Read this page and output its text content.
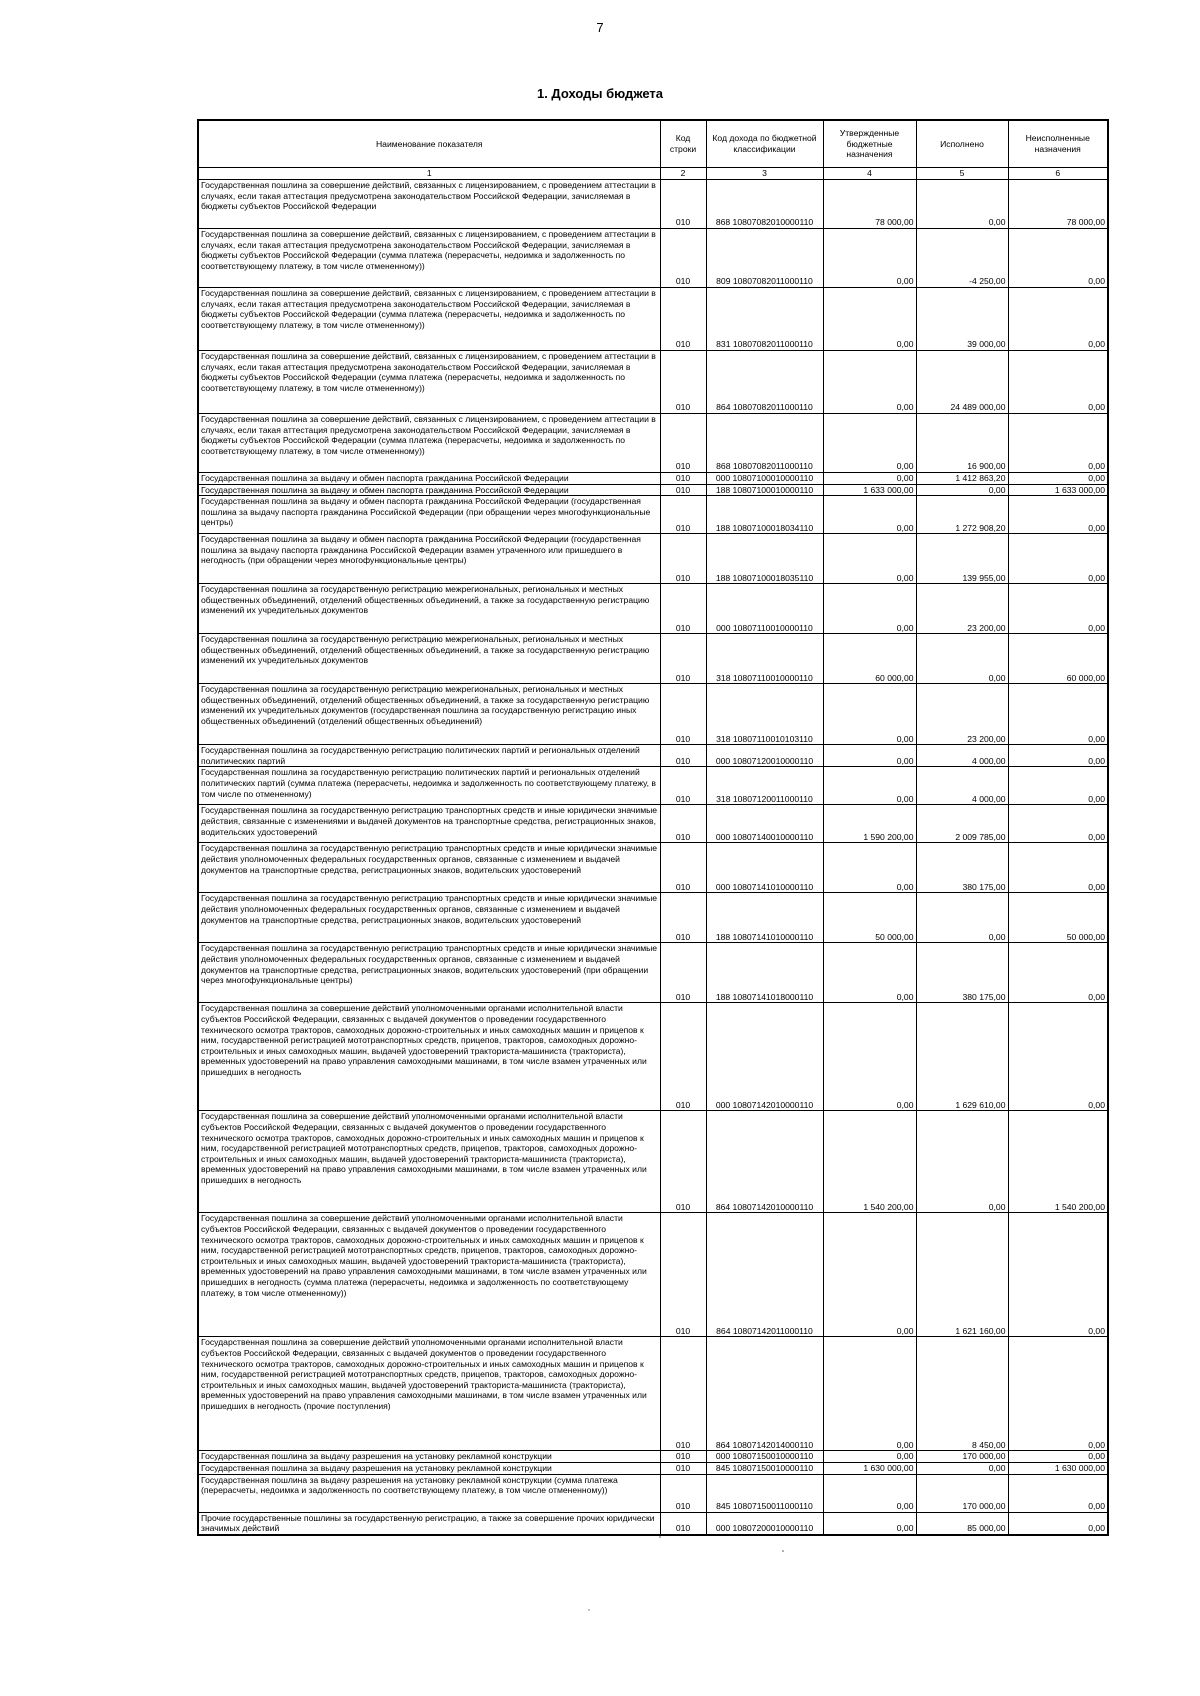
7
1. Доходы бюджета
Наименование показателя	Код строки	Код дохода по бюджетной классификации	Утвержденные бюджетные назначения	Исполнено	Неисполненные назначения
1	2	3	4	5	6
Государственная пошлина за совершение действий, связанных с лицензированием, с проведением аттестации в случаях, если такая аттестация предусмотрена законодательством Российской Федерации, зачисляемая в бюджеты субъектов Российской Федерации	010	868 10807082010000110	78 000,00	0,00	78 000,00
Государственная пошлина за совершение действий, связанных с лицензированием, с проведением аттестации в случаях, если такая аттестация предусмотрена законодательством Российской Федерации, зачисляемая в бюджеты субъектов Российской Федерации (сумма платежа (перерасчеты, недоимка и задолженность по соответствующему платежу, в том числе отмененному))	010	809 10807082011000110	0,00	-4 250,00	0,00
Государственная пошлина за совершение действий, связанных с лицензированием, с проведением аттестации в случаях, если такая аттестация предусмотрена законодательством Российской Федерации, зачисляемая в бюджеты субъектов Российской Федерации (сумма платежа (перерасчеты, недоимка и задолженность по соответствующему платежу, в том числе отмененному))	010	831 10807082011000110	0,00	39 000,00	0,00
Государственная пошлина за совершение действий, связанных с лицензированием, с проведением аттестации в случаях, если такая аттестация предусмотрена законодательством Российской Федерации, зачисляемая в бюджеты субъектов Российской Федерации (сумма платежа (перерасчеты, недоимка и задолженность по соответствующему платежу, в том числе отмененному))	010	864 10807082011000110	0,00	24 489 000,00	0,00
Государственная пошлина за совершение действий, связанных с лицензированием, с проведением аттестации в случаях, если такая аттестация предусмотрена законодательством Российской Федерации, зачисляемая в бюджеты субъектов Российской Федерации (сумма платежа (перерасчеты, недоимка и задолженность по соответствующему платежу, в том числе отмененному))	010	868 10807082011000110	0,00	16 900,00	0,00
Государственная пошлина за выдачу и обмен паспорта гражданина Российской Федерации	010	000 10807100010000110	0,00	1 412 863,20	0,00
Государственная пошлина за выдачу и обмен паспорта гражданина Российской Федерации	010	188 10807100010000110	1 633 000,00	0,00	1 633 000,00
Государственная пошлина за выдачу и обмен паспорта гражданина Российской Федерации (государственная пошлина за выдачу паспорта гражданина Российской Федерации (при обращении через многофункциональные центры)	010	188 10807100018034110	0,00	1 272 908,20	0,00
Государственная пошлина за выдачу и обмен паспорта гражданина Российской Федерации (государственная пошлина за выдачу паспорта гражданина Российской Федерации взамен утраченного или пришедшего в негодность (при обращении через многофункциональные центры)	010	188 10807100018035110	0,00	139 955,00	0,00
Государственная пошлина за государственную регистрацию межрегиональных, региональных и местных общественных объединений, отделений общественных объединений, а также за государственную регистрацию изменений их учредительных документов	010	000 10807110010000110	0,00	23 200,00	0,00
Государственная пошлина за государственную регистрацию межрегиональных, региональных и местных общественных объединений, отделений общественных объединений, а также за государственную регистрацию изменений их учредительных документов	010	318 10807110010000110	60 000,00	0,00	60 000,00
Государственная пошлина за государственную регистрацию межрегиональных, региональных и местных общественных объединений, отделений общественных объединений, а также за государственную регистрацию изменений их учредительных документов (государственная пошлина за государственную регистрацию иных общественных объединений (отделений общественных объединений)	010	318 10807110010103110	0,00	23 200,00	0,00
Государственная пошлина за государственную регистрацию политических партий и региональных отделений политических партий	010	000 10807120010000110	0,00	4 000,00	0,00
Государственная пошлина за государственную регистрацию политических партий и региональных отделений политических партий (сумма платежа (перерасчеты, недоимка и задолженность по соответствующему платежу, в том числе по отмененному)	010	318 10807120011000110	0,00	4 000,00	0,00
Государственная пошлина за государственную регистрацию транспортных средств и иные юридически значимые действия, связанные с изменениями и выдачей документов на транспортные средства, регистрационных знаков, водительских удостоверений	010	000 10807140010000110	1 590 200,00	2 009 785,00	0,00
Государственная пошлина за государственную регистрацию транспортных средств и иные юридически значимые действия уполномоченных федеральных государственных органов, связанные с изменением и выдачей документов на транспортные средства, регистрационных знаков, водительских удостоверений	010	000 10807141010000110	0,00	380 175,00	0,00
Государственная пошлина за государственную регистрацию транспортных средств и иные юридически значимые действия уполномоченных федеральных государственных органов, связанные с изменением и выдачей документов на транспортные средства, регистрационных знаков, водительских удостоверений	010	188 10807141010000110	50 000,00	0,00	50 000,00
Государственная пошлина за государственную регистрацию транспортных средств и иные юридически значимые действия уполномоченных федеральных государственных органов, связанные с изменением и выдачей документов на транспортные средства, регистрационных знаков, водительских удостоверений (при обращении через многофункциональные центры)	010	188 10807141018000110	0,00	380 175,00	0,00
Государственная пошлина за совершение действий уполномоченными органами исполнительной власти субъектов Российской Федерации, связанных с выдачей документов о проведении государственного технического осмотра тракторов, самоходных дорожно-строительных и иных самоходных машин и прицепов к ним, государственной регистрацией мототранспортных средств, прицепов, тракторов, самоходных дорожно-строительных и иных самоходных машин, выдачей удостоверений тракториста-машиниста (тракториста), временных удостоверений на право управления самоходными машинами, в том числе взамен утраченных или пришедших в негодность	010	000 10807142010000110	0,00	1 629 610,00	0,00
Государственная пошлина за совершение действий уполномоченными органами исполнительной власти субъектов Российской Федерации, связанных с выдачей документов о проведении государственного технического осмотра тракторов, самоходных дорожно-строительных и иных самоходных машин и прицепов к ним, государственной регистрацией мототранспортных средств, прицепов, тракторов, самоходных дорожно-строительных и иных самоходных машин, выдачей удостоверений тракториста-машиниста (тракториста), временных удостоверений на право управления самоходными машинами, в том числе взамен утраченных или пришедших в негодность	010	864 10807142010000110	1 540 200,00	0,00	1 540 200,00
Государственная пошлина за совершение действий уполномоченными органами исполнительной власти субъектов Российской Федерации, связанных с выдачей документов о проведении государственного технического осмотра тракторов, самоходных дорожно-строительных и иных самоходных машин и прицепов к ним, государственной регистрацией мототранспортных средств, прицепов, тракторов, самоходных дорожно-строительных и иных самоходных машин, выдачей удостоверений тракториста-машиниста (тракториста), временных удостоверений на право управления самоходными машинами, в том числе взамен утраченных или пришедших в негодность (сумма платежа (перерасчеты, недоимка и задолженность по соответствующему платежу, в том числе отмененному))	010	864 10807142011000110	0,00	1 621 160,00	0,00
Государственная пошлина за совершение действий уполномоченными органами исполнительной власти субъектов Российской Федерации, связанных с выдачей документов о проведении государственного технического осмотра тракторов, самоходных дорожно-строительных и иных самоходных машин и прицепов к ним, государственной регистрацией мототранспортных средств, прицепов, тракторов, самоходных дорожно-строительных и иных самоходных машин, выдачей удостоверений тракториста-машиниста (тракториста), временных удостоверений на право управления самоходными машинами, в том числе взамен утраченных или пришедших в негодность (прочие поступления)	010	864 10807142014000110	0,00	8 450,00	0,00
Государственная пошлина за выдачу разрешения на установку рекламной конструкции	010	000 10807150010000110	0,00	170 000,00	0,00
Государственная пошлина за выдачу разрешения на установку рекламной конструкции	010	845 10807150010000110	1 630 000,00	0,00	1 630 000,00
Государственная пошлина за выдачу разрешения на установку рекламной конструкции (сумма платежа (перерасчеты, недоимка и задолженность по соответствующему платежу, в том числе отмененному))	010	845 10807150011000110	0,00	170 000,00	0,00
Прочие государственные пошлины за государственную регистрацию, а также за совершение прочих юридически значимых действий	010	000 10807200010000110	0,00	85 000,00	0,00
